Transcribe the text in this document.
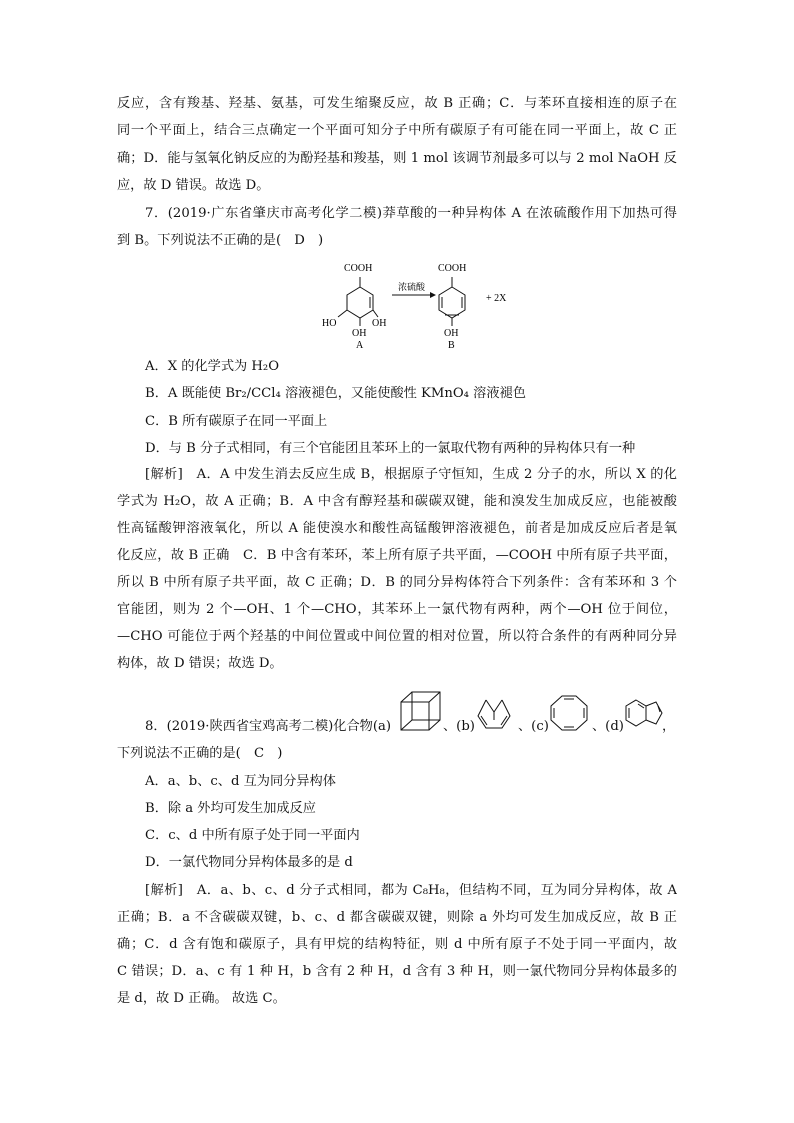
反应，含有羧基、羟基、氨基，可发生缩聚反应，故 B 正确；C．与苯环直接相连的原子在
同一个平面上，结合三点确定一个平面可知分子中所有碳原子有可能在同一平面上，故 C 正
确；D．能与氢氧化钠反应的为酚羟基和羧基，则 1 mol 该调节剂最多可以与 2 mol NaOH 反
应，故 D 错误。故选 D。
7．(2019·广东省肇庆市高考化学二模)莽草酸的一种异构体 A 在浓硫酸作用下加热可得
到 B。下列说法不正确的是(　D　)
COOH
HO
OH
OH
A
浓硫酸
COOH
OH
B
+ 2X
A．X 的化学式为 H₂O
B．A 既能使 Br₂/CCl₄ 溶液褪色，又能使酸性 KMnO₄ 溶液褪色
C．B 所有碳原子在同一平面上
D．与 B 分子式相同，有三个官能团且苯环上的一氯取代物有两种的异构体只有一种
[解析]　A．A 中发生消去反应生成 B，根据原子守恒知，生成 2 分子的水，所以 X 的化
学式为 H₂O，故 A 正确；B．A 中含有醇羟基和碳碳双键，能和溴发生加成反应，也能被酸
性高锰酸钾溶液氧化，所以 A 能使溴水和酸性高锰酸钾溶液褪色，前者是加成反应后者是氧
化反应，故 B 正确　C．B 中含有苯环，苯上所有原子共平面，—COOH 中所有原子共平面，
所以 B 中所有原子共平面，故 C 正确；D．B 的同分异构体符合下列条件：含有苯环和 3 个
官能团，则为 2 个—OH、1 个—CHO，其苯环上一氯代物有两种，两个—OH 位于间位，
—CHO 可能位于两个羟基的中间位置或中间位置的相对位置，所以符合条件的有两种同分异
构体，故 D 错误；故选 D。
8．(2019·陕西省宝鸡高考二模)化合物(a)	、(b)	、(c)	、(d)	，
下列说法不正确的是(　C　)
A．a、b、c、d 互为同分异构体
B．除 a 外均可发生加成反应
C．c、d 中所有原子处于同一平面内
D．一氯代物同分异构体最多的是 d
[解析]　A．a、b、c、d 分子式相同，都为 C₈H₈，但结构不同，互为同分异构体，故 A
正确；B．a 不含碳碳双键，b、c、d 都含碳碳双键，则除 a 外均可发生加成反应，故 B 正
确；C．d 含有饱和碳原子，具有甲烷的结构特征，则 d 中所有原子不处于同一平面内，故
C 错误；D．a、c 有 1 种 H，b 含有 2 种 H，d 含有 3 种 H，则一氯代物同分异构体最多的
是 d，故 D 正确。 故选 C。
